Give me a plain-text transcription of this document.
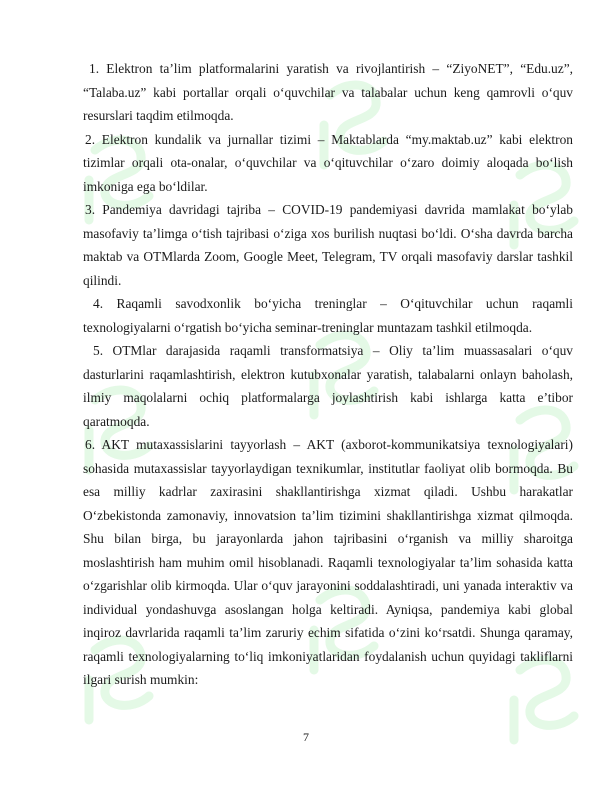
1. Elektron ta’lim platformalarini yaratish va rivojlantirish – “ZiyoNET”, “Edu.uz”, “Talaba.uz” kabi portallar orqali o‘quvchilar va talabalar uchun keng qamrovli o‘quv resurslari taqdim etilmoqda.

2. Elektron kundalik va jurnallar tizimi – Maktablarda “my.maktab.uz” kabi elektron tizimlar orqali ota-onalar, o‘quvchilar va o‘qituvchilar o‘zaro doimiy aloqada bo‘lish imkoniga ega bo‘ldilar.

3. Pandemiya davridagi tajriba – COVID-19 pandemiyasi davrida mamlakat bo‘ylab masofaviy ta’limga o‘tish tajribasi o‘ziga xos burilish nuqtasi bo‘ldi. O‘sha davrda barcha maktab va OTMlarda Zoom, Google Meet, Telegram, TV orqali masofaviy darslar tashkil qilindi.

4. Raqamli savodxonlik bo‘yicha treninglar – O‘qituvchilar uchun raqamli texnologiyalarni o‘rgatish bo‘yicha seminar-treninglar muntazam tashkil etilmoqda.

5. OTMlar darajasida raqamli transformatsiya – Oliy ta’lim muassasalari o‘quv dasturlarini raqamlashtirish, elektron kutubxonalar yaratish, talabalarni onlayn baholash, ilmiy maqolalarni ochiq platformalarga joylashtirish kabi ishlarga katta e’tibor qaratmoqda.

6. AKT mutaxassislarini tayyorlash – AKT (axborot-kommunikatsiya texnologiyalari) sohasida mutaxassislar tayyorlaydigan texnikumlar, institutlar faoliyat olib bormoqda. Bu esa milliy kadrlar zaxirasini shakllantirishga xizmat qiladi. Ushbu harakatlar O‘zbekistonda zamonaviy, innovatsion ta’lim tizimini shakllantirishga xizmat qilmoqda. Shu bilan birga, bu jarayonlarda jahon tajribasini o‘rganish va milliy sharoitga moslashtirish ham muhim omil hisoblanadi. Raqamli texnologiyalar ta’lim sohasida katta o‘zgarishlar olib kirmoqda. Ular o‘quv jarayonini soddalashtiradi, uni yanada interaktiv va individual yondashuvga asoslangan holga keltiradi. Ayniqsa, pandemiya kabi global inqiroz davrlarida raqamli ta’lim zaruriy echim sifatida o‘zini ko‘rsatdi. Shunga qaramay, raqamli texnologiyalarning to‘liq imkoniyatlaridan foydalanish uchun quyidagi takliflarni ilgari surish mumkin:

7
